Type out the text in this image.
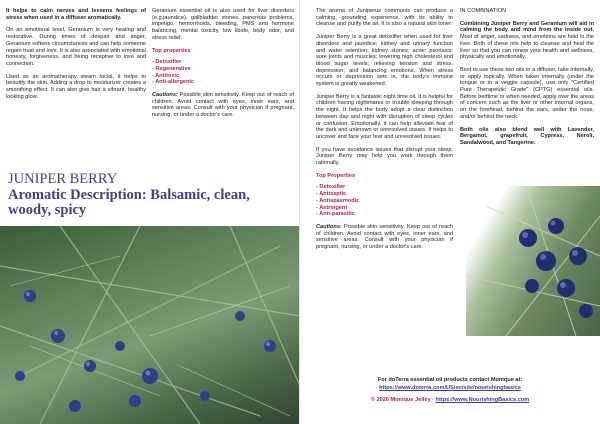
It helps to calm nerves and lessens feelings of stress when used in a diffuser aromatically.

On an emotional level, Geranium is very healing and restorative. During times of despair and anger, Geranium softens circumstances and can help someone regain trust and love. It is also associated with emotional honesty, forgiveness, and being receptive to love and connection.

Used as an aromatherapy steam facial, it helps to beautify the skin. Adding a drop to moisturizer creates a smoothing effect. It can also give hair a vibrant, healthy looking glow.

Geranium essential oil is also used for liver disorders (e.g.jaundice), gallbladder stones, pancreas problems, impetigo, hemorrhoids, bleeding, PMS and hormone balancing, mental toxicity, low libido, body odor, and stress relief.

Top properties
- Detoxifier
- Regenerative
- Antitoxic
- Anti-allergenic

Cautions: Possible skin sensitivity. Keep out of reach of children. Avoid contact with eyes, inner ears, and sensitive areas. Consult with your physician if pregnant, nursing, or under a doctor's care.

JUNIPER BERRY
Aromatic Description: Balsamic, clean, woody, spicy

The aroma of Juniperus communis can produce a calming, grounding experience, with its ability to cleanse and purify the air. It is also a natural skin toner.

Juniper Berry is a great detoxifier when used for liver disorders and jaundice; kidney and urinary function and water retention; kidney stones; acne; psoriasis; sore joints and muscles; lowering high cholesterol and blood sugar levels; relieving tension and stress, depression; and balancing emotions. When stress occurs or depression sets in, the body's immune system is greatly weakened.

Juniper Berry is a fantastic night time oil. It is helpful for children having nightmares or trouble sleeping through the night. It helps the body adopt a clear distinction between day and night with disruption of sleep cycles or confusion. Emotionally, it can help alleviate fear of the dark and unknown or unresolved issues. It helps to uncover and face your fear and unresolved issues.

If you have avoidance issues that disrupt your sleep, Juniper Berry may help you work through them rationally.

Top Properties
- Detoxifier
- Antiseptic
- Antispasmodic
- Astringent
- Anti-parasitic

Cautions: Possible skin sensitivity. Keep out of reach of children. Avoid contact with eyes, inner ears, and sensitive areas. Consult with your physician if pregnant, nursing, or under a doctor's care.

IN COMBINATION

Combining Juniper Berry and Geranium will aid in calming the body and mind from the inside out. Most of anger, sadness, and emotions are held in the liver. Both of these oils help to cleanse and heal the liver so that you can renew your health and wellness, physically and emotionally.

Best to use these two oils in a diffuser, take internally, or apply topically. When taken internally (under the tongue or in a veggie capsule), use only "Certified Pure Therapeutic Grade" (CPTG) essential oils. Before bedtime or when needed, apply over the areas of concern such as the liver or other internal organs, on the forehead, behind the ears, under the nose, and/or behind the neck.

Both oils also blend well with Lavender, Bergamot, grapefruit, Cypress, Neroli, Sandalwood, and Tangerine.

For doTerra essential oil products contact Monique at:
https://www.doterra.com/US/en/site/nourishingbasics
© 2020 Monique Jellёy · https://www.NourishingBasics.com
